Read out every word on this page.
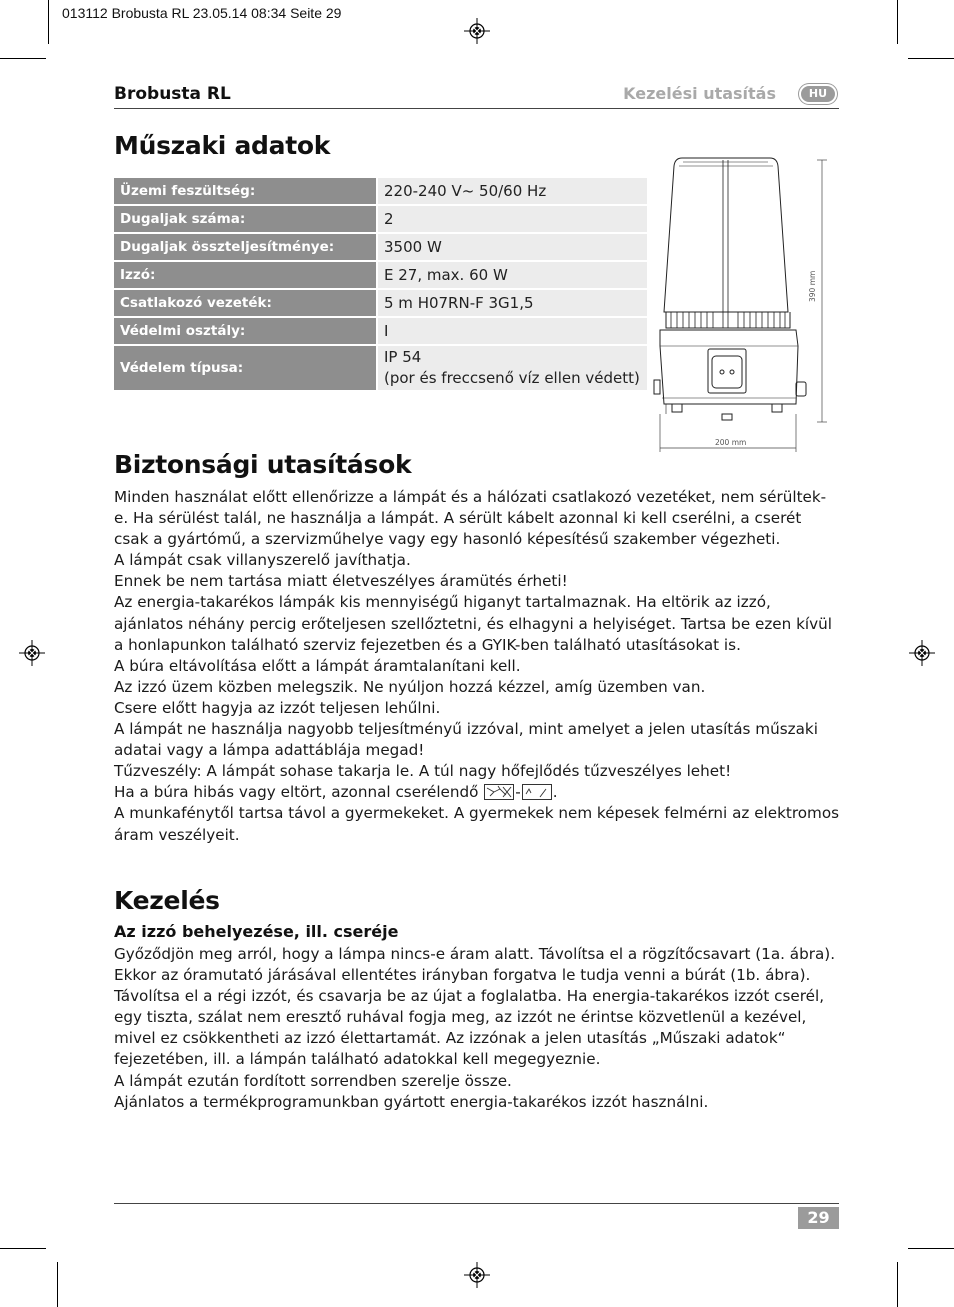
013112 Brobusta RL 23.05.14 08:34 Seite 29
Brobusta RL	Kezelési utasítás	HU
Műszaki adatok
Üzemi feszültség:	220-240 V~ 50/60 Hz
Dugaljak száma:	2
Dugaljak összteljesítménye:	3500 W
Izzó:	E 27, max. 60 W
Csatlakozó vezeték:	5 m H07RN-F 3G1,5
Védelmi osztály:	I
Védelem típusa:
IP 54
(por és freccsenő víz ellen védett)
390 mm
200 mm
Biztonsági utasítások

Minden használat előtt ellenőrizze a lámpát és a hálózati csatlakozó vezetéket, nem sérültek-

e. Ha sérülést talál, ne használja a lámpát. A sérült kábelt azonnal ki kell cserélni, a cserét

csak a gyártómű, a szervizműhelye vagy egy hasonló képesítésű szakember végezheti.

A lámpát csak villanyszerelő javíthatja.

Ennek be nem tartása miatt életveszélyes áramütés érheti!

Az energia-takarékos lámpák kis mennyiségű higanyt tartalmaznak. Ha eltörik az izzó,

ajánlatos néhány percig erőteljesen szellőztetni, és elhagyni a helyiséget. Tartsa be ezen kívül

a honlapunkon található szerviz fejezetben és a GYIK-ben található utasításokat is.

A búra eltávolítása előtt a lámpát áramtalanítani kell.

Az izzó üzem közben melegszik. Ne nyúljon hozzá kézzel, amíg üzemben van.

Csere előtt hagyja az izzót teljesen lehűlni.

A lámpát ne használja nagyobb teljesítményű izzóval, mint amelyet a jelen utasítás műszaki

adatai vagy a lámpa adattáblája megad!

Tűzveszély: A lámpát sohase takarja le. A túl nagy hőfejlődés tűzveszélyes lehet!

Ha a búra hibás vagy eltört, azonnal cserélendő - .

A munkafénytől tartsa távol a gyermekeket. A gyermekek nem képesek felmérni az elektromos

áram veszélyeit.

Kezelés
Az izzó behelyezése, ill. cseréje

Győződjön meg arról, hogy a lámpa nincs-e áram alatt. Távolítsa el a rögzítőcsavart (1a. ábra).

Ekkor az óramutató járásával ellentétes irányban forgatva le tudja venni a búrát (1b. ábra).

Távolítsa el a régi izzót, és csavarja be az újat a foglalatba. Ha energia-takarékos izzót cserél,

egy tiszta, szálat nem eresztő ruhával fogja meg, az izzót ne érintse közvetlenül a kezével,

mivel ez csökkentheti az izzó élettartamát. Az izzónak a jelen utasítás „Műszaki adatok“

fejezetében, ill. a lámpán található adatokkal kell megegyeznie.

A lámpát ezután fordított sorrendben szerelje össze.

Ajánlatos a termékprogramunkban gyártott energia-takarékos izzót használni.

29
